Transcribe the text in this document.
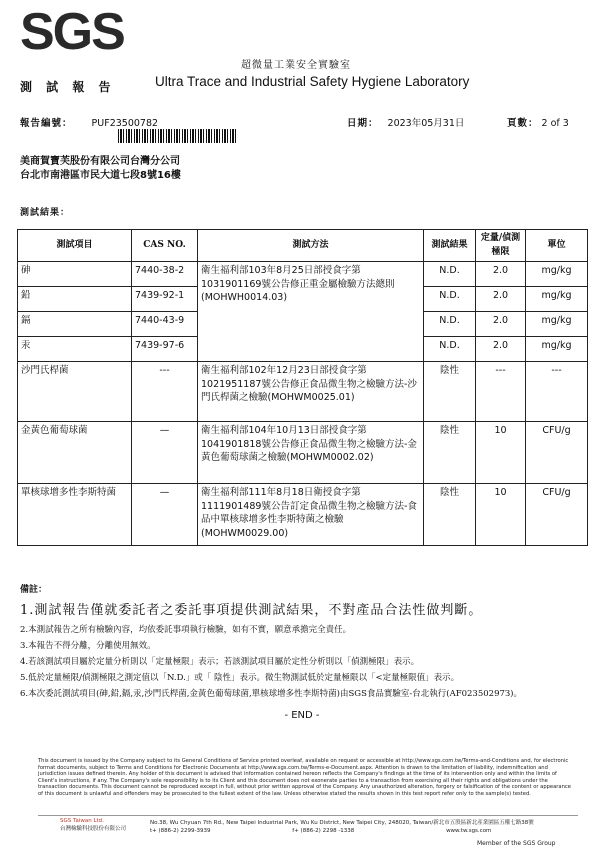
SGS
超微量工業安全實驗室
測 試 報 告	Ultra Trace and Industrial Safety Hygiene Laboratory
報告編號： PUF23500782	日期： 2023年05月31日	頁數： 2 of 3
美商賀寶芙股份有限公司台灣分公司
台北市南港區市民大道七段8號16樓
測試結果：
測試項目	CAS NO.	測試方法	測試結果	定量/偵測極限	單位
砷	7440-38-2	衛生福利部103年8月25日部授食字第1031901169號公告修正重金屬檢驗方法總則(MOHWH0014.03)	N.D.	2.0	mg/kg
鉛	7439-92-1		N.D.	2.0	mg/kg
鎘	7440-43-9		N.D.	2.0	mg/kg
汞	7439-97-6		N.D.	2.0	mg/kg
沙門氏桿菌	---	衛生福利部102年12月23日部授食字第1021951187號公告修正食品微生物之檢驗方法-沙門氏桿菌之檢驗(MOHWM0025.01)	陰性	---	---
金黃色葡萄球菌	—	衛生福利部104年10月13日部授食字第1041901818號公告修正食品微生物之檢驗方法-金黃色葡萄球菌之檢驗(MOHWM0002.02)	陰性	10	CFU/g
單核球增多性李斯特菌	—	衛生福利部111年8月18日衛授食字第1111901489號公告訂定食品微生物之檢驗方法-食品中單核球增多性李斯特菌之檢驗(MOHWM0029.00)	陰性	10	CFU/g
備註：
1.測試報告僅就委託者之委託事項提供測試結果，不對產品合法性做判斷。
2.本測試報告之所有檢驗內容，均依委託事項執行檢驗，如有不實，願意承擔完全責任。
3.本報告不得分離，分離使用無效。
4.若該測試項目屬於定量分析則以「定量極限」表示；若該測試項目屬於定性分析則以「偵測極限」表示。
5.低於定量極限/偵測極限之測定值以「N.D.」或「 陰性」表示。微生物測試低於定量極限以「<定量極限值」表示。
6.本次委託測試項目(砷,鉛,鎘,汞,沙門氏桿菌,金黃色葡萄球菌,單核球增多性李斯特菌)由SGS食品實驗室-台北執行(AF02350297З)。
- END -
This document is issued by the Company subject to its General Conditions of Service printed overleaf, available on request or accessible at http://www.sgs.com.tw/Terms-and-Conditions and, for electronic format documents, subject to Terms and Conditions for Electronic Documents at http://www.sgs.com.tw/Terms-e-Document.aspx. Attention is drawn to the limitation of liability, indemnification and jurisdiction issues defined therein. Any holder of this document is advised that information contained hereon reflects the Company's findings at the time of its intervention only and within the limits of Client's instructions, if any. The Company's sole responsibility is to its Client and this document does not exonerate parties to a transaction from exercising all their rights and obligations under the transaction documents. This document cannot be reproduced except in full, without prior written approval of the Company. Any unauthorized alteration, forgery or falsification of the content or appearance of this document is unlawful and offenders may be prosecuted to the fullest extent of the law. Unless otherwise stated the results shown in this test report refer only to the sample(s) tested.
SGS Taiwan Ltd.
台灣檢驗科技股份有限公司
No.38, Wu Chyuan 7th Rd., New Taipei Industrial Park, Wu Ku District, New Taipei City, 248020, Taiwan/新北市五股區新北產業園區五權七路38號
t+ (886-2) 2299-3939	f+ (886-2) 2298 -1338	www.tw.sgs.com
Member of the SGS Group
